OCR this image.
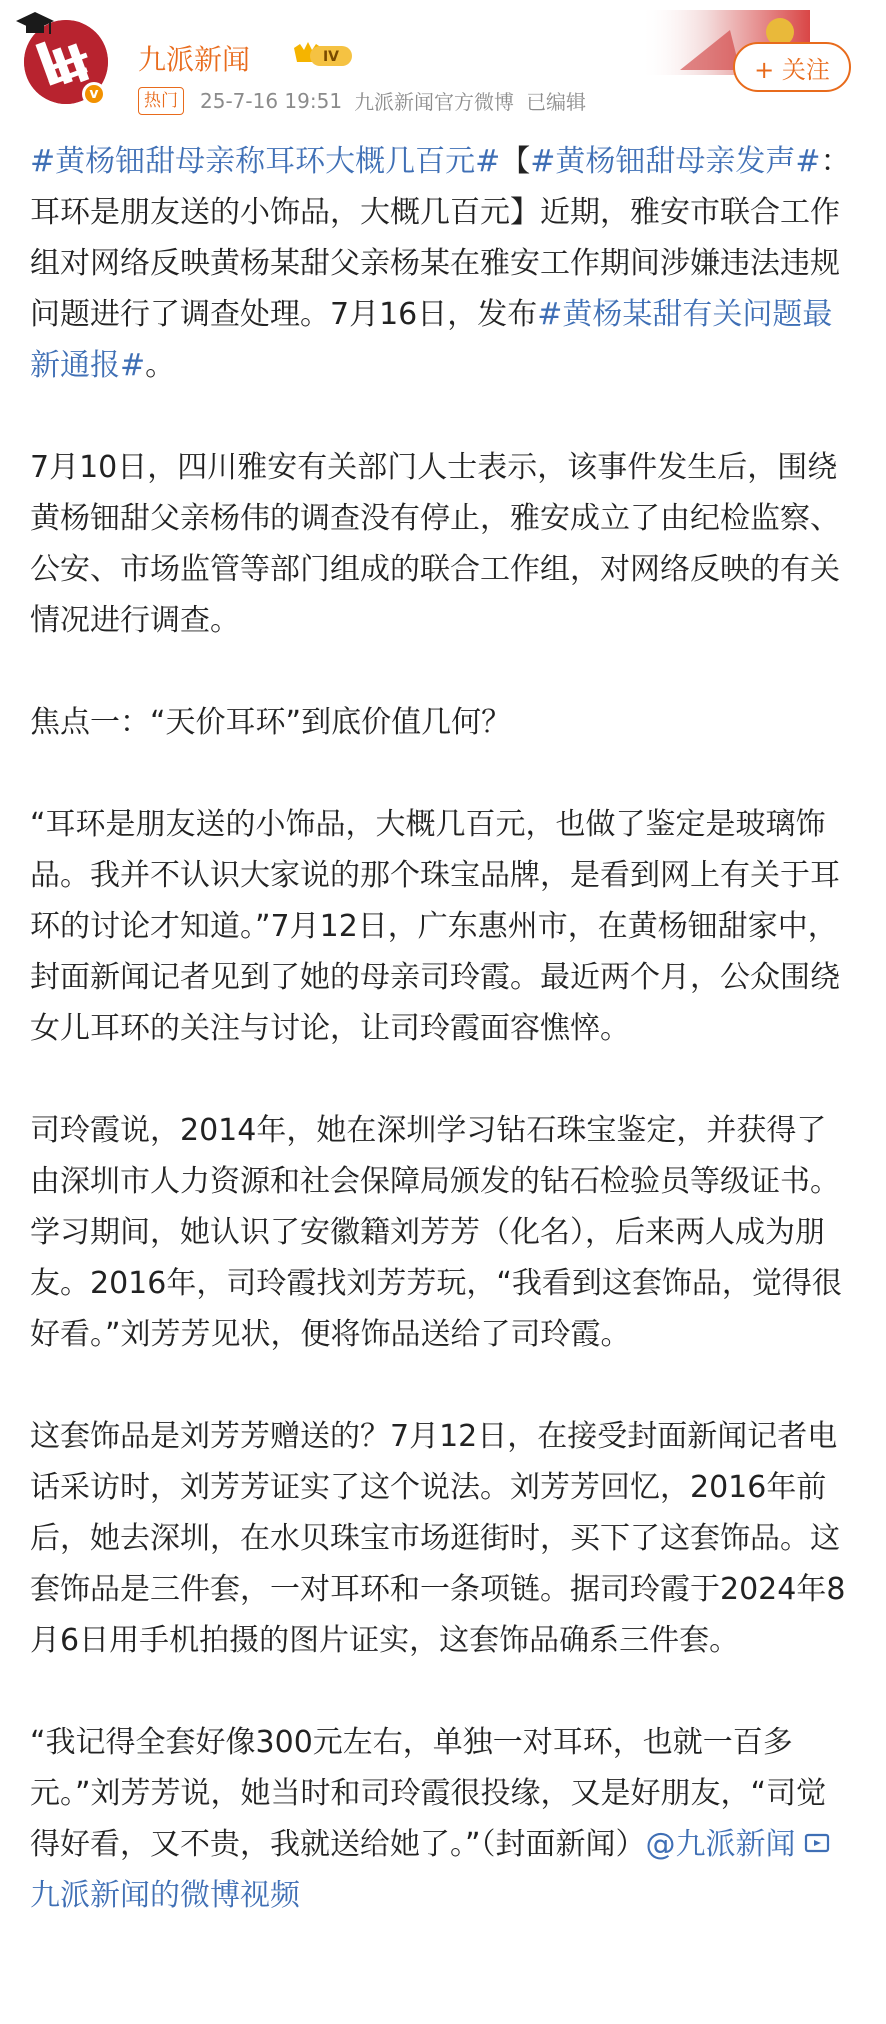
v
九派新闻	IV
热门	25-7-16 19:51 九派新闻官方微博 已编辑
+ 关注

#黄杨钿甜母亲称耳环大概几百元#【#黄杨钿甜母亲发声#：耳环是朋友送的小饰品，大概几百元】近期，雅安市联合工作组对网络反映黄杨某甜父亲杨某在雅安工作期间涉嫌违法违规问题进行了调查处理。7月16日，发布#黄杨某甜有关问题最新通报#。

7月10日，四川雅安有关部门人士表示，该事件发生后，围绕黄杨钿甜父亲杨伟的调查没有停止，雅安成立了由纪检监察、公安、市场监管等部门组成的联合工作组，对网络反映的有关情况进行调查。

焦点一：“天价耳环”到底价值几何？

“耳环是朋友送的小饰品，大概几百元，也做了鉴定是玻璃饰品。我并不认识大家说的那个珠宝品牌，是看到网上有关于耳环的讨论才知道。”7月12日，广东惠州市，在黄杨钿甜家中，封面新闻记者见到了她的母亲司玲霞。最近两个月，公众围绕女儿耳环的关注与讨论，让司玲霞面容憔悴。

司玲霞说，2014年，她在深圳学习钻石珠宝鉴定，并获得了由深圳市人力资源和社会保障局颁发的钻石检验员等级证书。学习期间，她认识了安徽籍刘芳芳（化名），后来两人成为朋友。2016年，司玲霞找刘芳芳玩，“我看到这套饰品，觉得很好看。”刘芳芳见状，便将饰品送给了司玲霞。

这套饰品是刘芳芳赠送的？7月12日，在接受封面新闻记者电话采访时，刘芳芳证实了这个说法。刘芳芳回忆，2016年前后，她去深圳，在水贝珠宝市场逛街时，买下了这套饰品。这套饰品是三件套，一对耳环和一条项链。据司玲霞于2024年8月6日用手机拍摄的图片证实，这套饰品确系三件套。

“我记得全套好像300元左右，单独一对耳环，也就一百多元。”刘芳芳说，她当时和司玲霞很投缘，又是好朋友，“司觉得好看，又不贵，我就送给她了。”（封面新闻）@九派新闻九派新闻的微博视频
